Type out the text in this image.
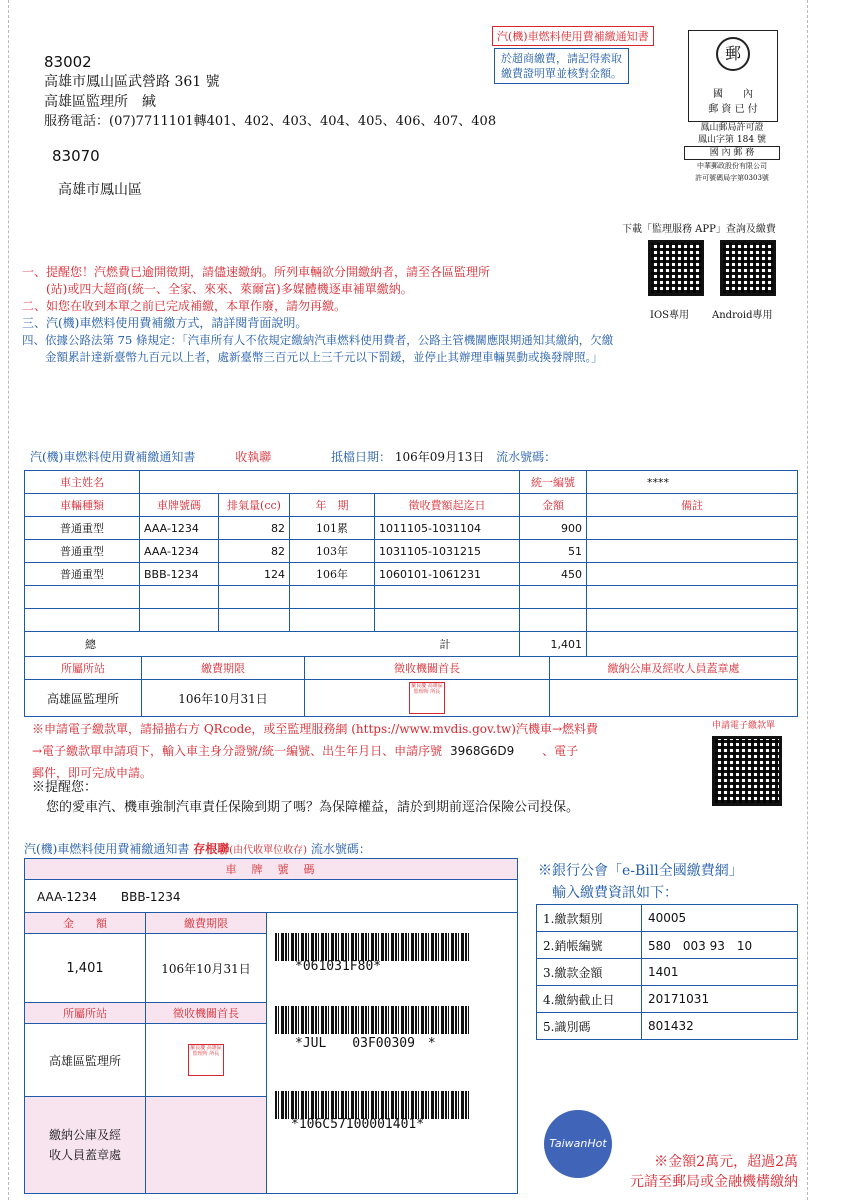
83002
高雄市鳳山區武營路 361 號
高雄區監理所　緘
服務電話：(07)7711101轉401、402、403、404、405、406、407、408
83070
高雄市鳳山區
汽(機)車燃料使用費補繳通知書
於超商繳費，請記得索取
繳費證明單並核對金額。
郵
國　　內
郵 資 已 付
鳳山郵局許可證
鳳山字第 184 號
國 內 郵 務
中華郵政股份有限公司
許可號碼局字第0303號
下載「監理服務 APP」查詢及繳費
IOS專用 Android專用
一、提醒您！汽燃費已逾開徵期，請儘速繳納。所列車輛欲分開繳納者，請至各區監理所
　　(站)或四大超商(統一、全家、來來、萊爾富)多媒體機逐車補單繳納。
二、如您在收到本單之前已完成補繳，本單作廢，請勿再繳。
三、汽(機)車燃料使用費補繳方式，請詳閱背面說明。
四、依據公路法第 75 條規定：「汽車所有人不依規定繳納汽車燃料使用費者，公路主管機關應限期通知其繳納，欠繳
　　金額累計達新臺幣九百元以上者，處新臺幣三百元以上三千元以下罰鍰，並停止其辦理車輛異動或換發牌照。」
汽(機)車燃料使用費補繳通知書	收執聯	抵檔日期： 106年09月13日 流水號碼：
車主姓名					統一編號	****
車輛種類	車牌號碼	排氣量(cc)	年　期	徵收費額起迄日	金額	備註
普通重型	AAA-1234	82	101累	1011105-1031104	900	
普通重型	AAA-1234	82	103年	1031105-1031215	51	
普通重型	BBB-1234	124	106年	1060101-1061231	450	

總 計					1,401	
所屬所站	繳費期限	徵收機關首長	繳納公庫及經收人員蓋章處
高雄區監理所	106年10月31日	羅良慶 高雄區監理所 所長	

※申請電子繳款單，請掃描右方 QRcode，或至監理服務網 (https://www.mvdis.gov.tw)汽機車→燃料費
→電子繳款單申請項下，輸入車主身分證號/統一編號、出生年月日、申請序號 3968G6D9 、電子
郵件，即可完成申請。
申請電子繳款單
※提醒您：
您的愛車汽、機車強制汽車責任保險到期了嗎？為保障權益，請於到期前逕洽保險公司投保。
汽(機)車燃料使用費補繳通知書 存根聯(由代收單位收存) 流水號碼：
車　牌　號　碼		
AAA-1234　　BBB-1234		
金　　額	繳費期限	*061031F80*
*JUL　　03F00309　*
*106C57100001401*

1,401	106年10月31日	
所屬所站	徵收機關首長	
高雄區監理所	羅良慶 高雄區監理所 所長	

繳納公庫及經
收人員蓋章處		

※銀行公會「e-Bill全國繳費網」
輸入繳費資訊如下：
1.繳款類別	40005
2.銷帳編號	580　003 93　10
3.繳款金額	1401
4.繳納截止日	20171031
5.識別碼	801432
TaiwanHot
※金額2萬元，超過2萬
元請至郵局或金融機構繳納
